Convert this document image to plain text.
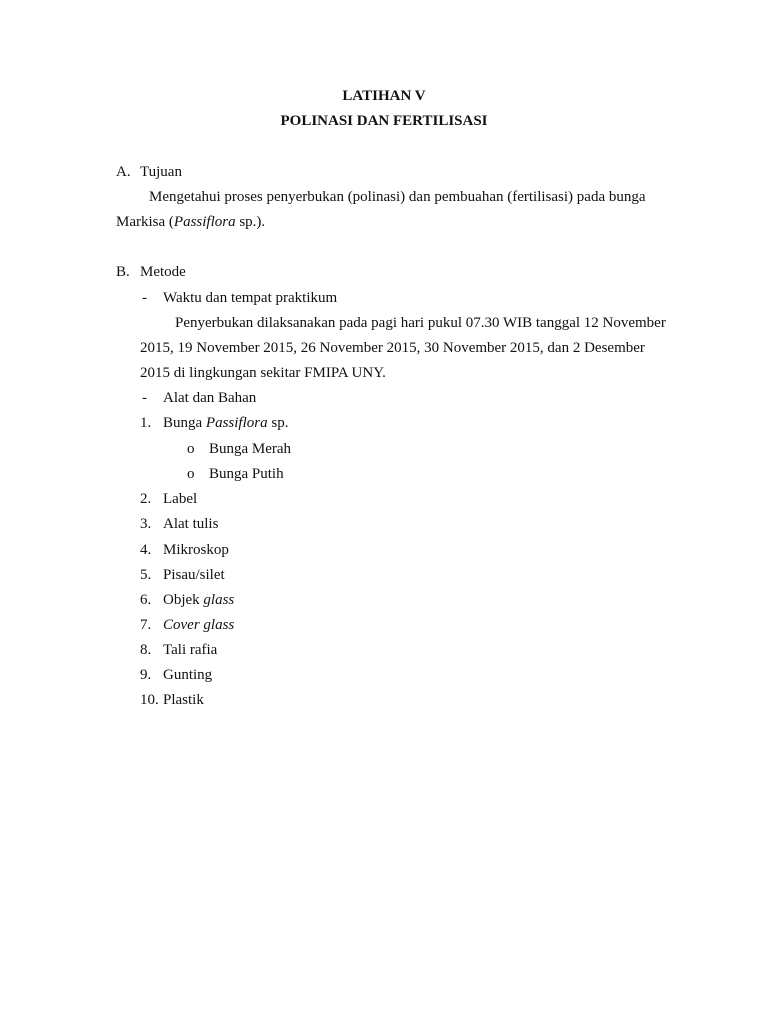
LATIHAN V
POLINASI DAN FERTILISASI
A. Tujuan
Mengetahui proses penyerbukan (polinasi) dan pembuahan (fertilisasi) pada bunga
Markisa (Passiflora sp.).
B. Metode
- Waktu dan tempat praktikum
Penyerbukan dilaksanakan pada pagi hari pukul 07.30 WIB tanggal 12 November
2015, 19 November 2015, 26 November 2015, 30 November 2015, dan 2 Desember
2015 di lingkungan sekitar FMIPA UNY.
- Alat dan Bahan
1. Bunga Passiflora sp.
o Bunga Merah
o Bunga Putih
2. Label
3. Alat tulis
4. Mikroskop
5. Pisau/silet
6. Objek glass
7. Cover glass
8. Tali rafia
9. Gunting
10. Plastik
